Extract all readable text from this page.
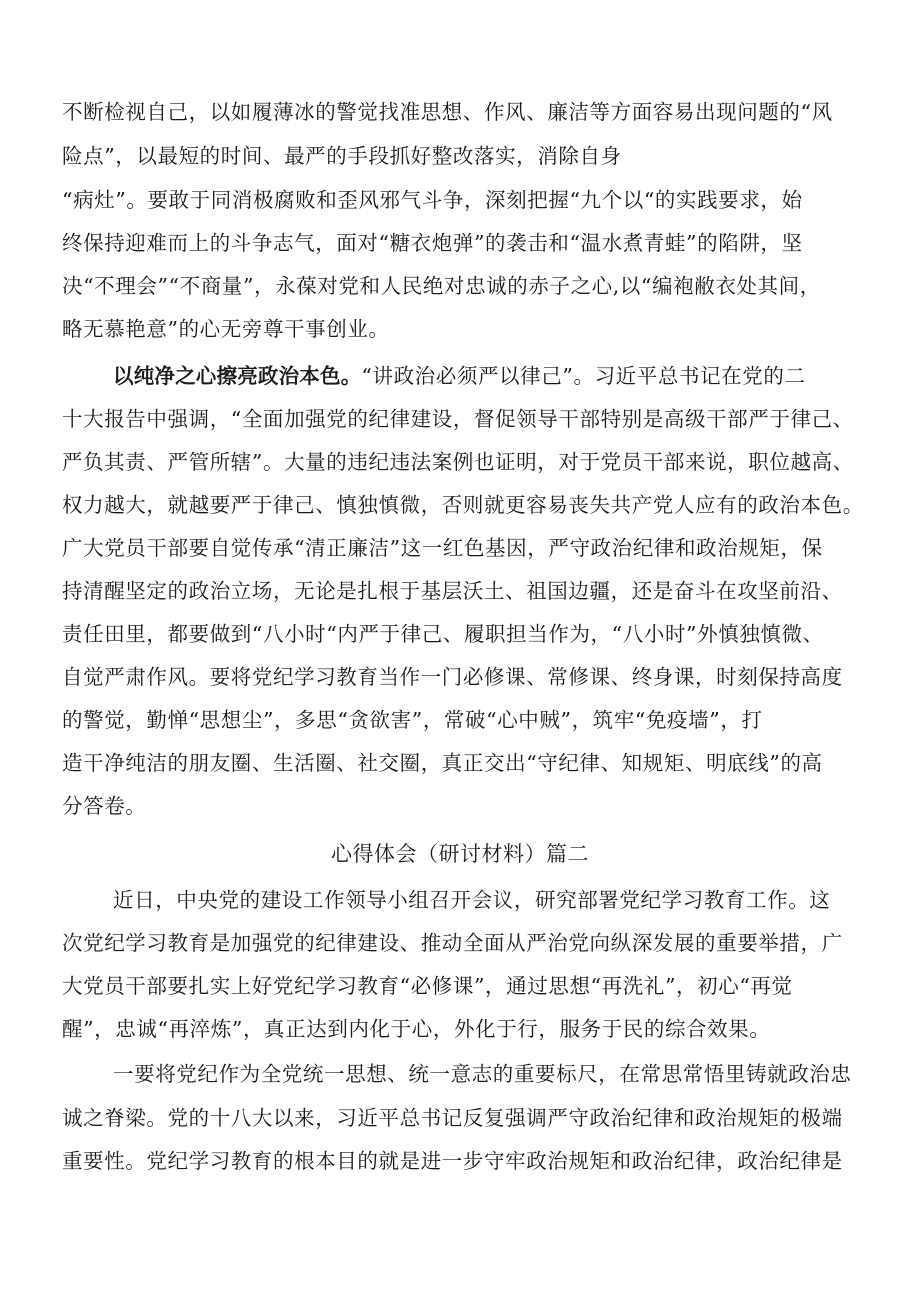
不断检视自己，以如履薄冰的警觉找准思想、作风、廉洁等方面容易出现问题的“风
险点”，以最短的时间、最严的手段抓好整改落实，消除自身
“病灶”。要敢于同消极腐败和歪风邪气斗争，深刻把握“九个以“的实践要求，始
终保持迎难而上的斗争志气，面对“糖衣炮弹”的袭击和“温水煮青蛙”的陷阱，坚
决“不理会”“不商量”，永葆对党和人民绝对忠诚的赤子之心,以“编袍敝衣处其间，
略无慕艳意”的心无旁尊干事创业。
以纯净之心擦亮政治本色。“讲政治必须严以律己”。习近平总书记在党的二
十大报告中强调，“全面加强党的纪律建设，督促领导干部特别是高级干部严于律己、
严负其责、严管所辖”。大量的违纪违法案例也证明，对于党员干部来说，职位越高、
权力越大，就越要严于律己、慎独慎微，否则就更容易丧失共产党人应有的政治本色。
广大党员干部要自觉传承“清正廉洁”这一红色基因，严守政治纪律和政治规矩，保
持清醒坚定的政治立场，无论是扎根于基层沃土、祖国边疆，还是奋斗在攻坚前沿、
责任田里，都要做到“八小时“内严于律己、履职担当作为，“八小时”外慎独慎微、
自觉严肃作风。要将党纪学习教育当作一门必修课、常修课、终身课，时刻保持高度
的警觉，勤惮“思想尘”，多思“贪欲害”，常破“心中贼”，筑牢“免疫墙”，打
造干净纯洁的朋友圈、生活圈、社交圈，真正交出“守纪律、知规矩、明底线”的高
分答卷。
心得体会（研讨材料）篇二
近日，中央党的建设工作领导小组召开会议，研究部署党纪学习教育工作。这
次党纪学习教育是加强党的纪律建设、推动全面从严治党向纵深发展的重要举措，广
大党员干部要扎实上好党纪学习教育“必修课”，通过思想“再洗礼”，初心“再觉
醒”，忠诚“再淬炼”，真正达到内化于心，外化于行，服务于民的综合效果。
一要将党纪作为全党统一思想、统一意志的重要标尺，在常思常悟里铸就政治忠
诚之脊梁。党的十八大以来，习近平总书记反复强调严守政治纪律和政治规矩的极端
重要性。党纪学习教育的根本目的就是进一步守牢政治规矩和政治纪律，政治纪律是
